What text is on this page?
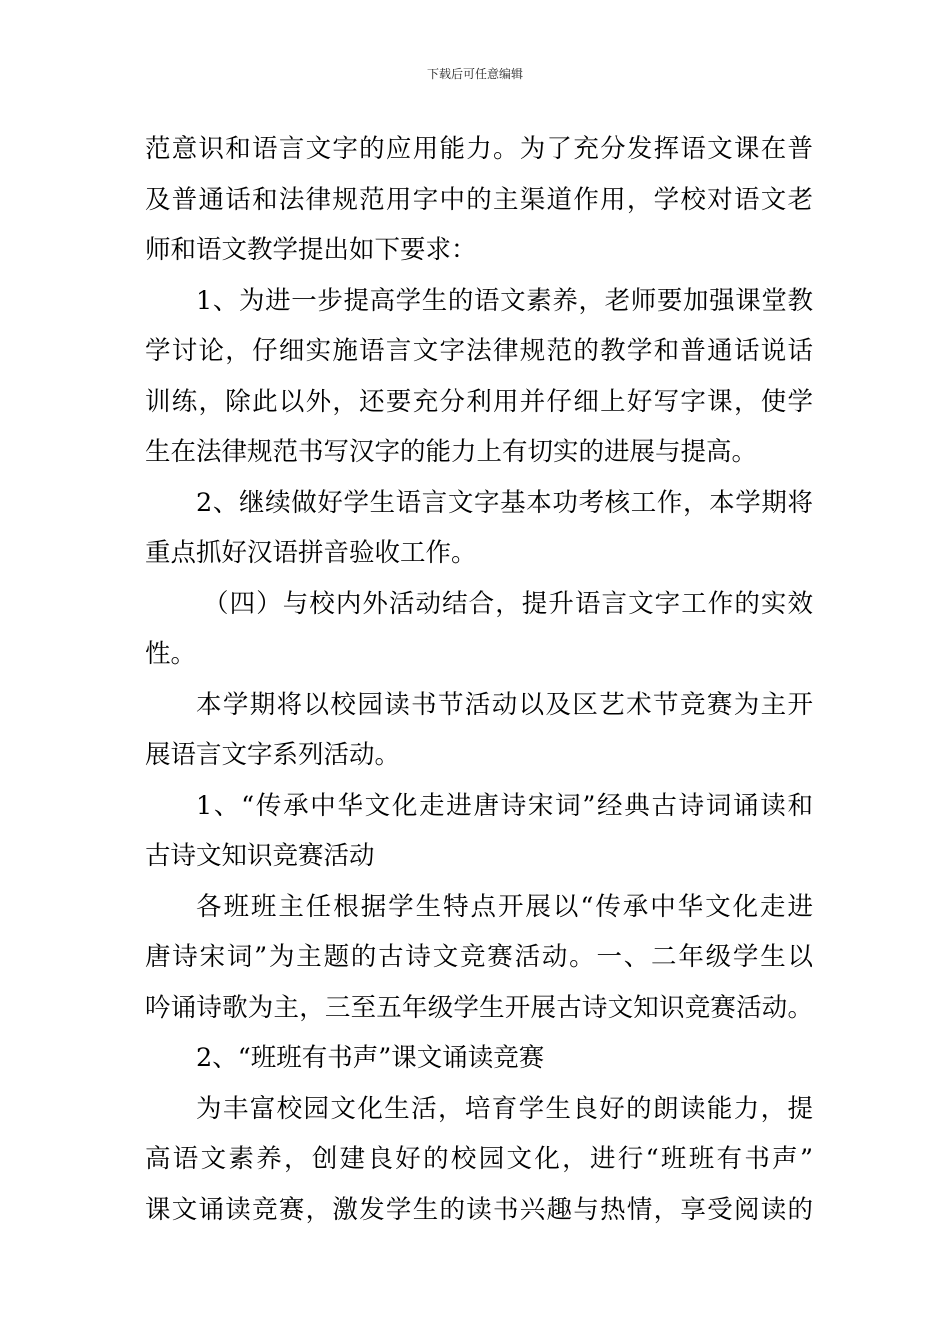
下载后可任意编辑
范意识和语言文字的应用能力。为了充分发挥语文课在普
及普通话和法律规范用字中的主渠道作用，学校对语文老
师和语文教学提出如下要求：
1、为进一步提高学生的语文素养，老师要加强课堂教
学讨论，仔细实施语言文字法律规范的教学和普通话说话
训练，除此以外，还要充分利用并仔细上好写字课，使学
生在法律规范书写汉字的能力上有切实的进展与提高。
2、继续做好学生语言文字基本功考核工作，本学期将
重点抓好汉语拼音验收工作。
（四）与校内外活动结合，提升语言文字工作的实效
性。
本学期将以校园读书节活动以及区艺术节竞赛为主开
展语言文字系列活动。
1、“传承中华文化走进唐诗宋词”经典古诗词诵读和
古诗文知识竞赛活动
各班班主任根据学生特点开展以“传承中华文化走进
唐诗宋词”为主题的古诗文竞赛活动。一、二年级学生以
吟诵诗歌为主，三至五年级学生开展古诗文知识竞赛活动。
2、“班班有书声”课文诵读竞赛
为丰富校园文化生活，培育学生良好的朗读能力，提
高语文素养，创建良好的校园文化，进行“班班有书声”
课文诵读竞赛，激发学生的读书兴趣与热情，享受阅读的
